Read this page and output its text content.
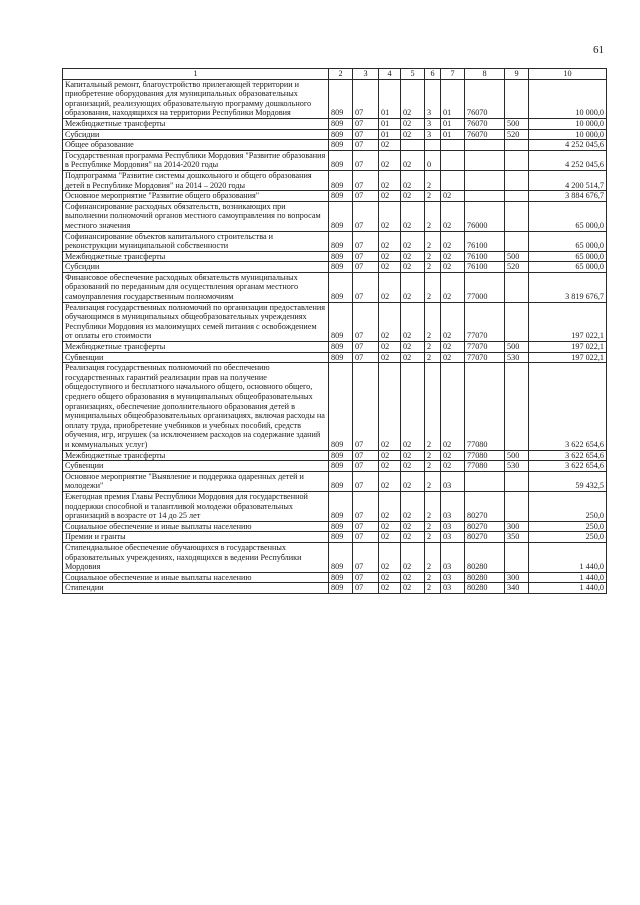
61
1	2	3	4	5	6	7	8	9	10
Капитальный ремонт, благоустройство прилегающей территории и приобретение оборудования для муниципальных образовательных организаций, реализующих образовательную программу дошкольного образования, находящихся на территории Республики Мордовия	809	07	01	02	3	01	76070		10 000,0
Межбюджетные трансферты	809	07	01	02	3	01	76070	500	10 000,0
Субсидии	809	07	01	02	3	01	76070	520	10 000,0
Общее образование	809	07	02						4 252 045,6
Государственная программа Республики Мордовия "Развитие образования в Республике Мордовия" на 2014-2020 годы	809	07	02	02	0				4 252 045,6
Подпрограмма "Развитие системы дошкольного и общего образования детей в Республике Мордовия" на 2014 – 2020 годы	809	07	02	02	2				4 200 514,7
Основное мероприятие "Развитие общего образования"	809	07	02	02	2	02			3 884 676,7
Софинансирование расходных обязательств, возникающих при выполнении полномочий органов местного самоуправления по вопросам местного значения	809	07	02	02	2	02	76000		65 000,0
Софинансирование объектов капитального строительства и реконструкции муниципальной собственности	809	07	02	02	2	02	76100		65 000,0
Межбюджетные трансферты	809	07	02	02	2	02	76100	500	65 000,0
Субсидии	809	07	02	02	2	02	76100	520	65 000,0
Финансовое обеспечение расходных обязательств муниципальных образований по переданным для осуществления органам местного самоуправления государственным полномочиям	809	07	02	02	2	02	77000		3 819 676,7
Реализация государственных полномочий по организации предоставления обучающимся в муниципальных общеобразовательных учреждениях Республики Мордовия из малоимущих семей питания с освобождением от оплаты его стоимости	809	07	02	02	2	02	77070		197 022,1
Межбюджетные трансферты	809	07	02	02	2	02	77070	500	197 022,1
Субвенции	809	07	02	02	2	02	77070	530	197 022,1
Реализация государственных полномочий по обеспечению государственных гарантий реализации прав на получение общедоступного и бесплатного начального общего, основного общего, среднего общего образования в муниципальных общеобразовательных организациях, обеспечение дополнительного образования детей в муниципальных общеобразовательных организациях, включая расходы на оплату труда, приобретение учебников и учебных пособий, средств обучения, игр, игрушек (за исключением расходов на содержание зданий и коммунальных услуг)	809	07	02	02	2	02	77080		3 622 654,6
Межбюджетные трансферты	809	07	02	02	2	02	77080	500	3 622 654,6
Субвенции	809	07	02	02	2	02	77080	530	3 622 654,6
Основное мероприятие "Выявление и поддержка одаренных детей и молодежи"	809	07	02	02	2	03			59 432,5
Ежегодная премия Главы Республики Мордовия для государственной поддержки способной и талантливой молодежи образовательных организаций в возрасте от 14 до 25 лет	809	07	02	02	2	03	80270		250,0
Социальное обеспечение и иные выплаты населению	809	07	02	02	2	03	80270	300	250,0
Премии и гранты	809	07	02	02	2	03	80270	350	250,0
Стипендиальное обеспечение обучающихся в государственных образовательных учреждениях, находящихся в ведении Республики Мордовия	809	07	02	02	2	03	80280		1 440,0
Социальное обеспечение и иные выплаты населению	809	07	02	02	2	03	80280	300	1 440,0
Стипендии	809	07	02	02	2	03	80280	340	1 440,0
